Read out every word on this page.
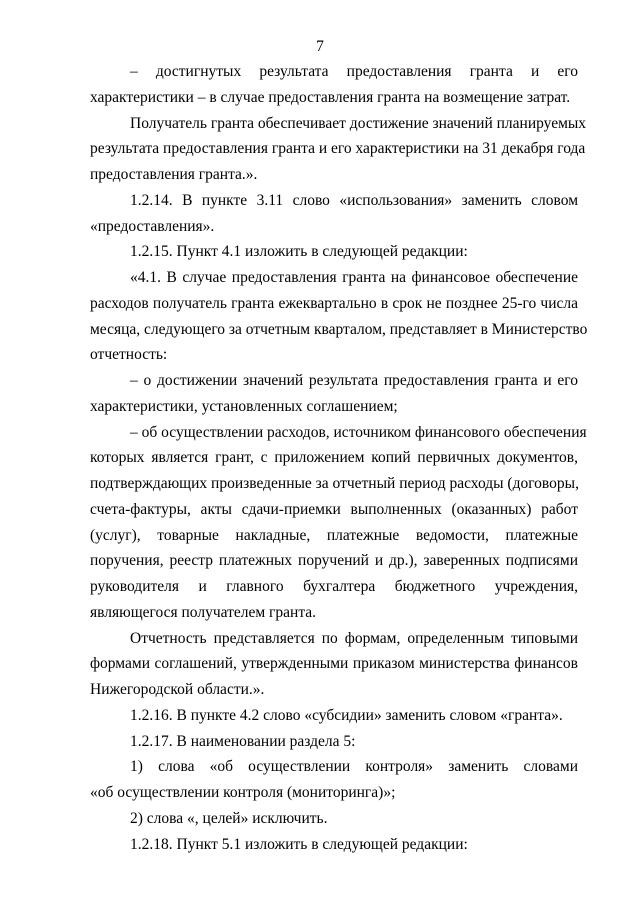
7
– достигнутых результата предоставления гранта и его
характеристики – в случае предоставления гранта на возмещение затрат.
Получатель гранта обеспечивает достижение значений планируемых
результата предоставления гранта и его характеристики на 31 декабря года
предоставления гранта.».
1.2.14. В пункте 3.11 слово «использования» заменить словом
«предоставления».
1.2.15. Пункт 4.1 изложить в следующей редакции:
«4.1. В случае предоставления гранта на финансовое обеспечение
расходов получатель гранта ежеквартально в срок не позднее 25-го числа
месяца, следующего за отчетным кварталом, представляет в Министерство
отчетность:
– о достижении значений результата предоставления гранта и его
характеристики, установленных соглашением;
– об осуществлении расходов, источником финансового обеспечения
которых является грант, с приложением копий первичных документов,
подтверждающих произведенные за отчетный период расходы (договоры,
счета-фактуры, акты сдачи-приемки выполненных (оказанных) работ
(услуг), товарные накладные, платежные ведомости, платежные
поручения, реестр платежных поручений и др.), заверенных подписями
руководителя и главного бухгалтера бюджетного учреждения,
являющегося получателем гранта.
Отчетность представляется по формам, определенным типовыми
формами соглашений, утвержденными приказом министерства финансов
Нижегородской области.».
1.2.16. В пункте 4.2 слово «субсидии» заменить словом «гранта».
1.2.17. В наименовании раздела 5:
1) слова «об осуществлении контроля» заменить словами
«об осуществлении контроля (мониторинга)»;
2) слова «, целей» исключить.
1.2.18. Пункт 5.1 изложить в следующей редакции:
